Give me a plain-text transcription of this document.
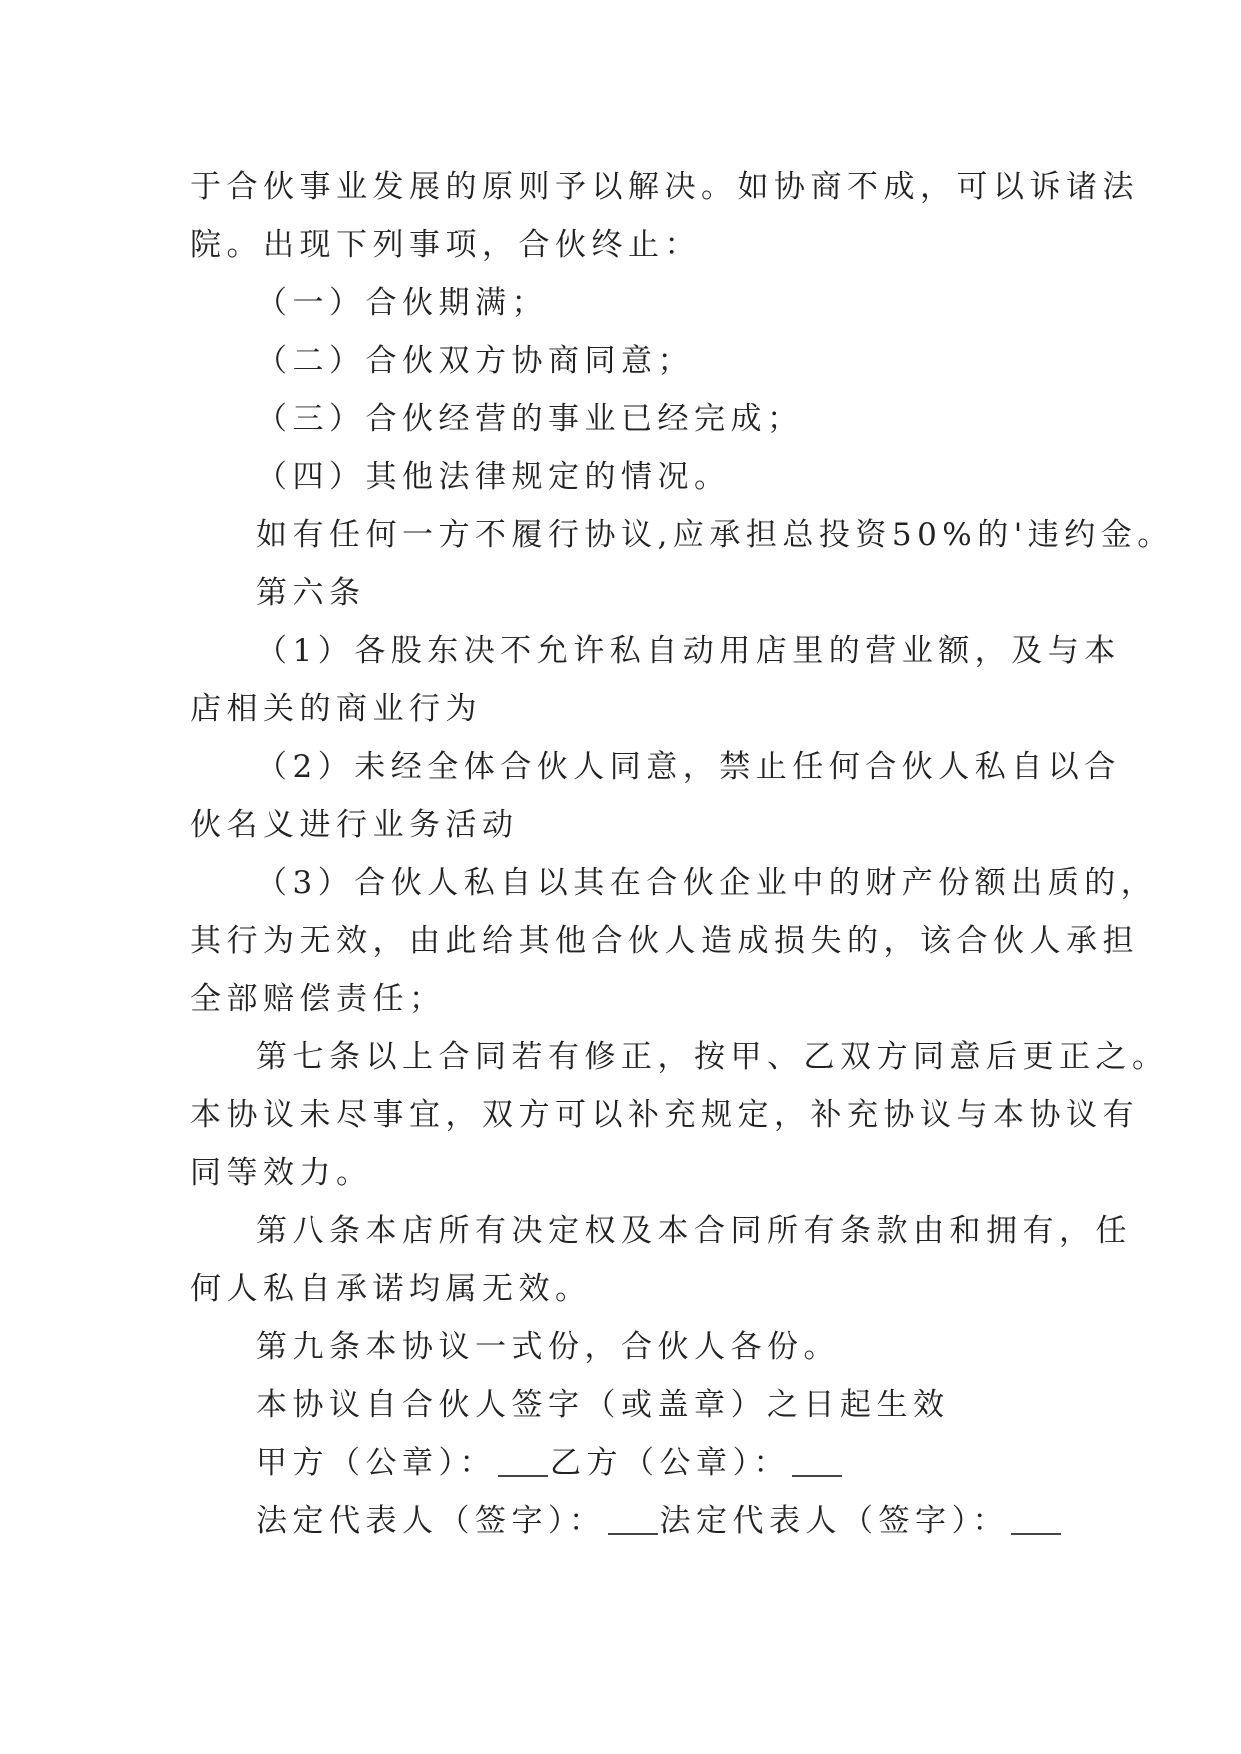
于合伙事业发展的原则予以解决。如协商不成，可以诉诸法
院。出现下列事项，合伙终止：
（一）合伙期满；
（二）合伙双方协商同意；
（三）合伙经营的事业已经完成；
（四）其他法律规定的情况。
如有任何一方不履行协议,应承担总投资50%的'违约金。
第六条
（1）各股东决不允许私自动用店里的营业额，及与本
店相关的商业行为
（2）未经全体合伙人同意，禁止任何合伙人私自以合
伙名义进行业务活动
（3）合伙人私自以其在合伙企业中的财产份额出质的，
其行为无效，由此给其他合伙人造成损失的，该合伙人承担
全部赔偿责任；
第七条以上合同若有修正，按甲、乙双方同意后更正之。
本协议未尽事宜，双方可以补充规定，补充协议与本协议有
同等效力。
第八条本店所有决定权及本合同所有条款由和拥有，任
何人私自承诺均属无效。
第九条本协议一式份，合伙人各份。
本协议自合伙人签字（或盖章）之日起生效
甲方（公章）： 乙方（公章）：
法定代表人（签字）： 法定代表人（签字）：
